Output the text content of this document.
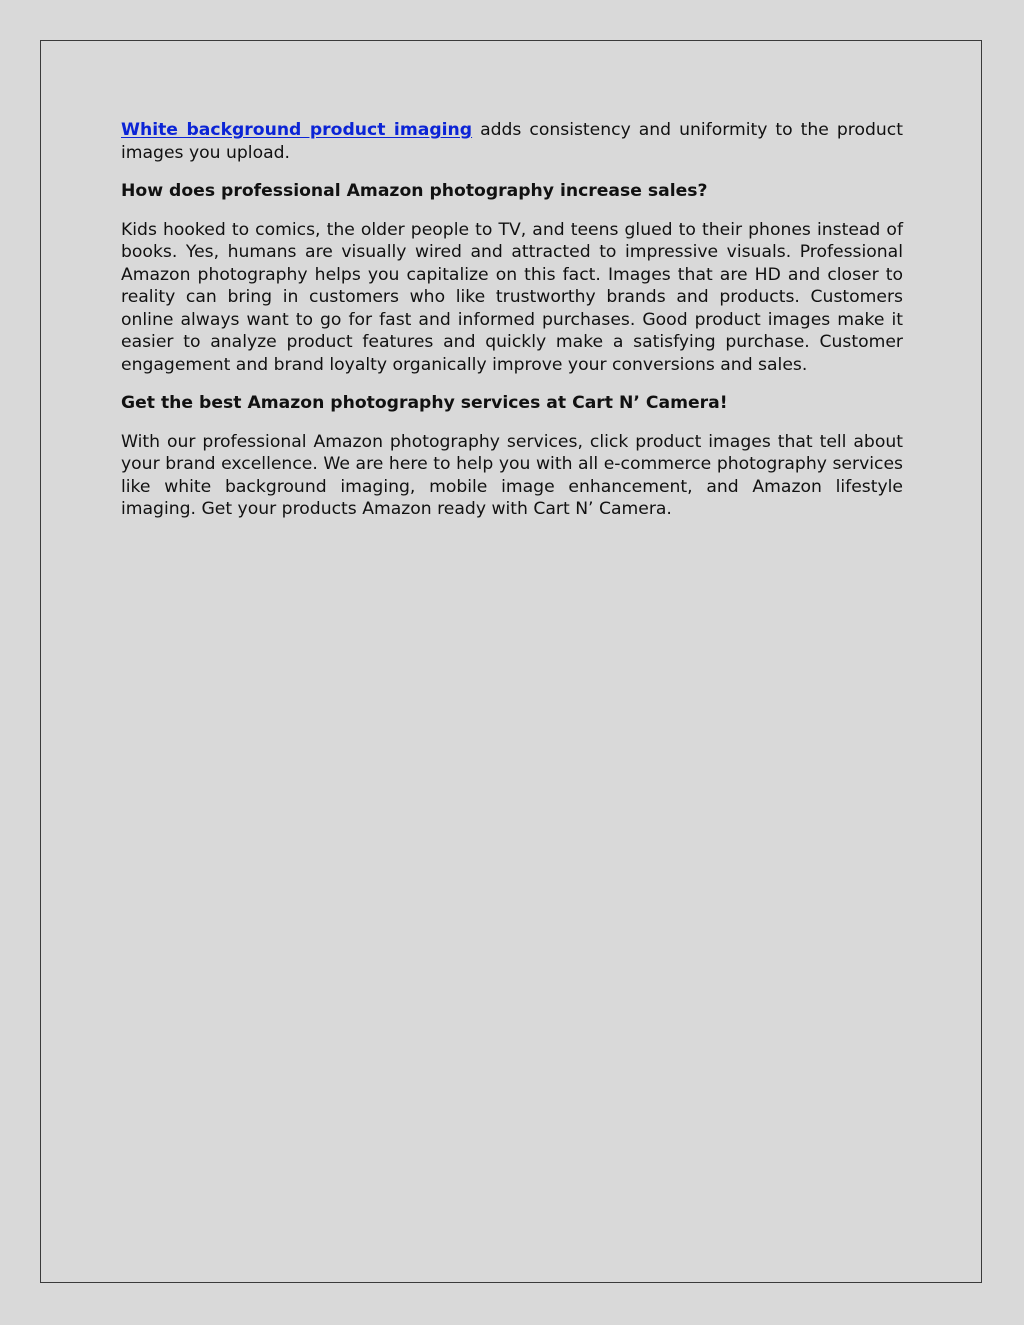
White background product imaging adds consistency and uniformity to the product images you upload.

How does professional Amazon photography increase sales?

Kids hooked to comics, the older people to TV, and teens glued to their phones instead of books. Yes, humans are visually wired and attracted to impressive visuals. Professional Amazon photography helps you capitalize on this fact. Images that are HD and closer to reality can bring in customers who like trustworthy brands and products. Customers online always want to go for fast and informed purchases. Good product images make it easier to analyze product features and quickly make a satisfying purchase. Customer engagement and brand loyalty organically improve your conversions and sales.

Get the best Amazon photography services at Cart N’ Camera!

With our professional Amazon photography services, click product images that tell about your brand excellence. We are here to help you with all e-commerce photography services like white background imaging, mobile image enhancement, and Amazon lifestyle imaging. Get your products Amazon ready with Cart N’ Camera.
